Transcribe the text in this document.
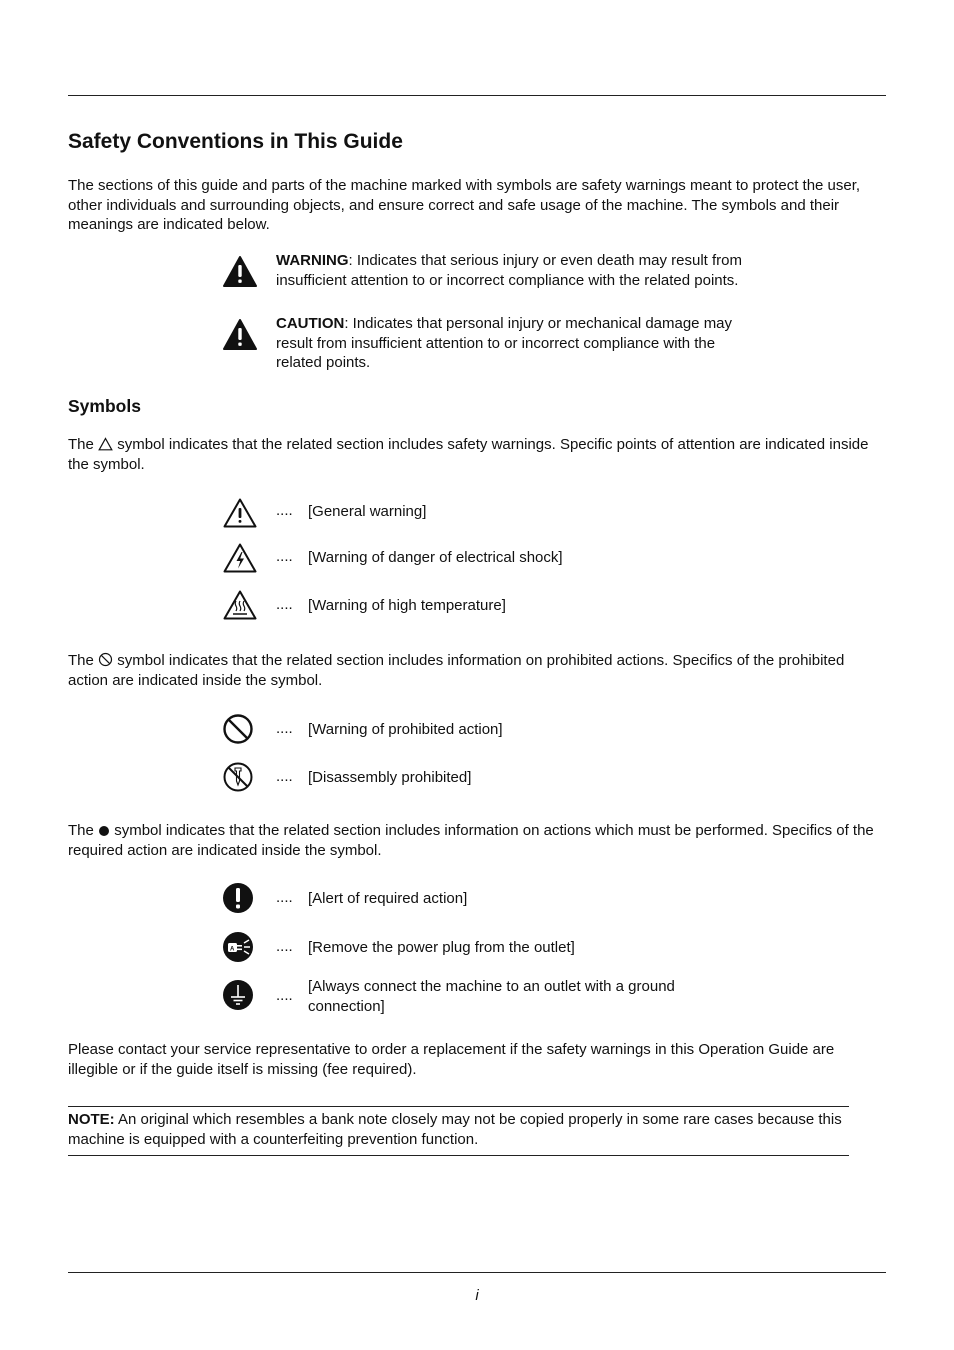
Safety Conventions in This Guide

The sections of this guide and parts of the machine marked with symbols are safety warnings meant to protect the user, other individuals and surrounding objects, and ensure correct and safe usage of the machine. The symbols and their meanings are indicated below.

WARNING: Indicates that serious injury or even death may result from insufficient attention to or incorrect compliance with the related points.
CAUTION: Indicates that personal injury or mechanical damage may result from insufficient attention to or incorrect compliance with the related points.
Symbols

The symbol indicates that the related section includes safety warnings. Specific points of attention are indicated inside the symbol.

.... [General warning]
.... [Warning of danger of electrical shock]
.... [Warning of high temperature]

The symbol indicates that the related section includes information on prohibited actions. Specifics of the prohibited action are indicated inside the symbol.

.... [Warning of prohibited action]
.... [Disassembly prohibited]

The symbol indicates that the related section includes information on actions which must be performed. Specifics of the required action are indicated inside the symbol.

.... [Alert of required action]
A	.... [Remove the power plug from the outlet]
....
[Always connect the machine to an outlet with a ground connection]

Please contact your service representative to order a replacement if the safety warnings in this Operation Guide are illegible or if the guide itself is missing (fee required).

NOTE: An original which resembles a bank note closely may not be copied properly in some rare cases because this machine is equipped with a counterfeiting prevention function.

i
